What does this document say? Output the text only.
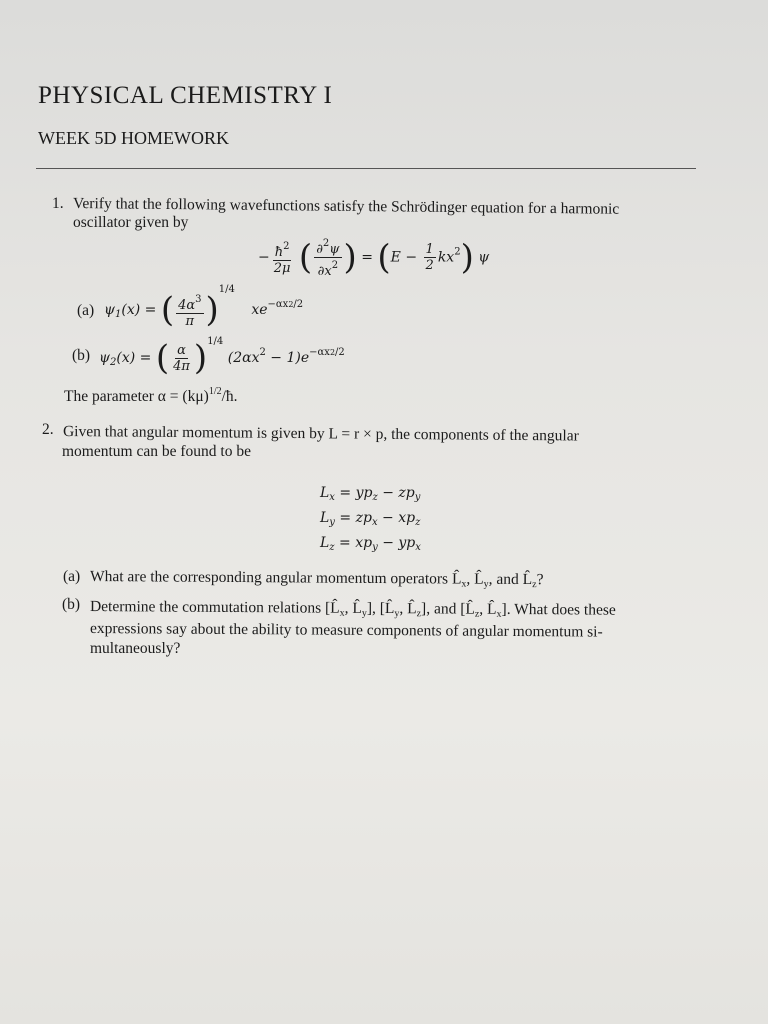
PHYSICAL CHEMISTRY I
WEEK 5D HOMEWORK
1. Verify that the following wavefunctions satisfy the Schrödinger equation for a harmonic
oscillator given by
− $\frac{ħ^2}{2\mu}$ ( $\frac{\partial^2\psi}{\partial x^2}$ ) = $(E - \frac{1}{2} kx^2)$ ψ
(a) $\psi_1(x)$ = ( $\frac{4\alpha^3}{\pi} )^{1/4}$ $xe^{-\alpha x2/2}$
(b) $\psi_2(x)$ = ( $\frac{\alpha}{4\pi} )^{1/4}$ $(2\alpha x^2 - 1)e^{-\alpha x2/2}$
The parameter $\alpha = (k\mu)^{1/2}/ħ$.
2. Given that angular momentum is given by L = r × p, the components of the angular
momentum can be found to be
$L_x = yp_z - zp_y$
$L_y = zp_x - xp_z$
$L_z = xp_y - yp_x$
(a) What are the corresponding angular momentum operators $L̂_x$, $L̂_y$, and $L̂_z$?
(b) Determine the commutation relations [$L̂_x$, $L̂_y$], [$L̂_y$, $L̂_z$], and [$L̂_z$, $L̂_x$]. What does these
expressions say about the ability to measure components of angular momentum si-
multaneously?
